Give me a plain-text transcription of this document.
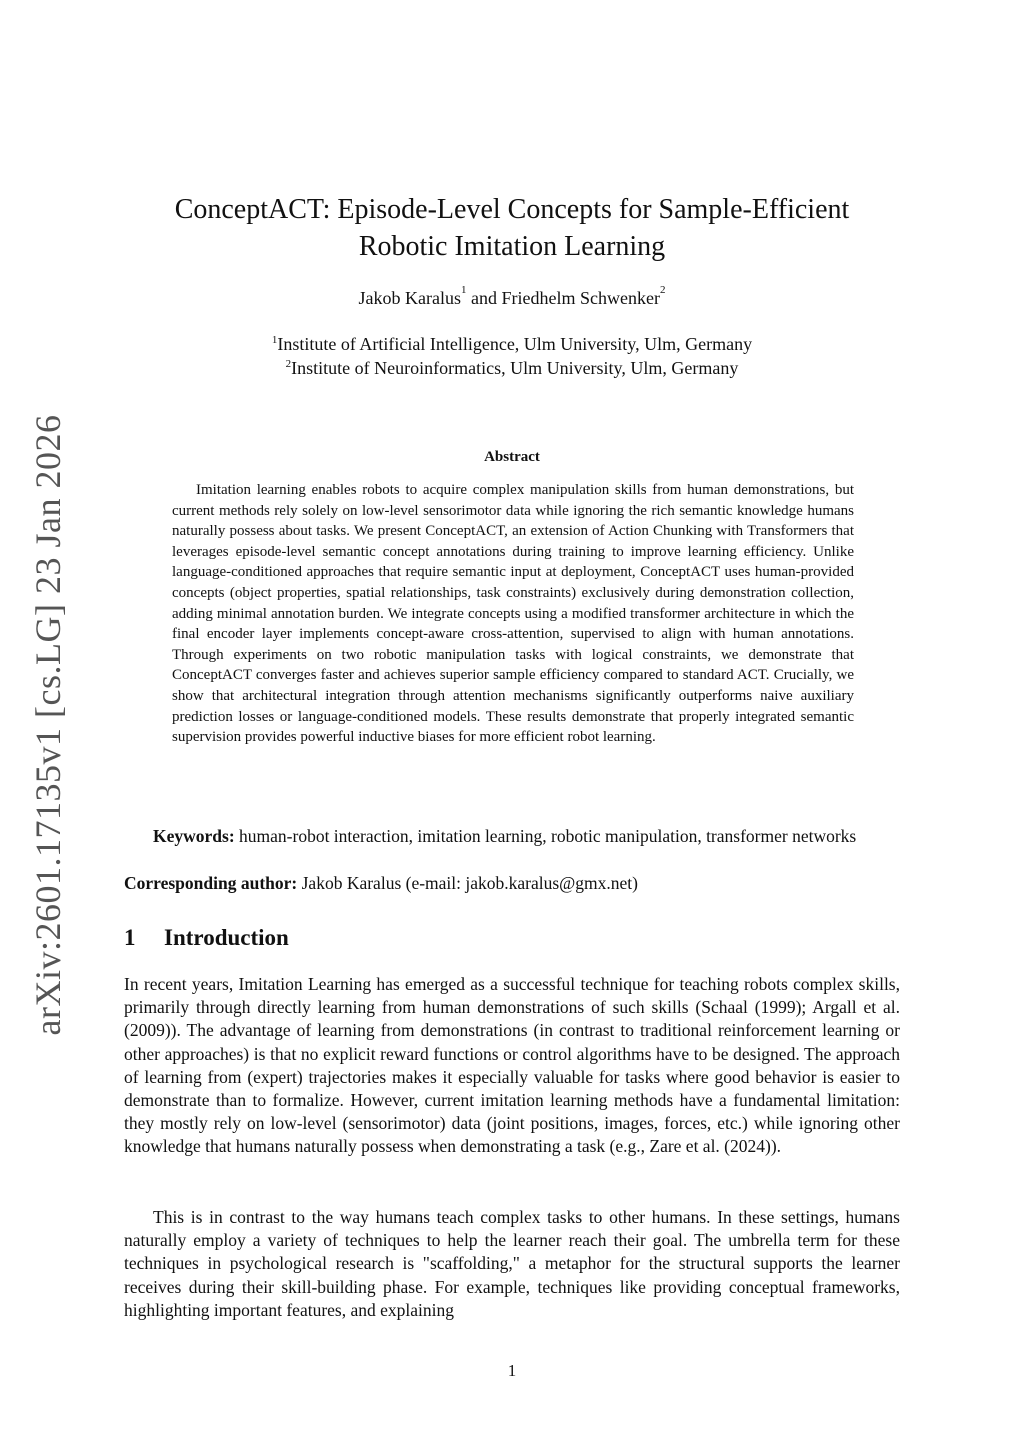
arXiv:2601.17135v1 [cs.LG] 23 Jan 2026
ConceptACT: Episode-Level Concepts for Sample-Efficient
Robotic Imitation Learning
Jakob Karalus$^1$ and Friedhelm Schwenker$^2$
$^1$Institute of Artificial Intelligence, Ulm University, Ulm, Germany
$^2$Institute of Neuroinformatics, Ulm University, Ulm, Germany
Abstract
Imitation learning enables robots to acquire complex manipulation skills from human demonstrations, but current methods rely solely on low-level sensorimotor data while ignoring the rich semantic knowledge humans naturally possess about tasks. We present ConceptACT, an extension of Action Chunking with Transformers that leverages episode-level semantic concept annotations during training to improve learning efficiency. Unlike language-conditioned approaches that require semantic input at deployment, ConceptACT uses human-provided concepts (object properties, spatial relationships, task constraints) exclusively during demonstration collection, adding minimal annotation burden. We integrate concepts using a modified transformer architecture in which the final encoder layer implements concept-aware cross-attention, supervised to align with human annotations. Through experiments on two robotic manipulation tasks with logical constraints, we demonstrate that ConceptACT converges faster and achieves superior sample efficiency compared to standard ACT. Crucially, we show that architectural integration through attention mechanisms significantly outperforms naive auxiliary prediction losses or language-conditioned models. These results demonstrate that properly integrated semantic supervision provides powerful inductive biases for more efficient robot learning.

Keywords: human-robot interaction, imitation learning, robotic manipulation, transformer networks

Corresponding author: Jakob Karalus (e-mail: jakob.karalus@gmx.net)

1 Introduction

In recent years, Imitation Learning has emerged as a successful technique for teaching robots complex skills, primarily through directly learning from human demonstrations of such skills (Schaal (1999); Argall et al. (2009)). The advantage of learning from demonstrations (in contrast to traditional reinforcement learning or other approaches) is that no explicit reward functions or control algorithms have to be designed. The approach of learning from (expert) trajectories makes it especially valuable for tasks where good behavior is easier to demonstrate than to formalize. However, current imitation learning methods have a fundamental limitation: they mostly rely on low-level (sensorimotor) data (joint positions, images, forces, etc.) while ignoring other knowledge that humans naturally possess when demonstrating a task (e.g., Zare et al. (2024)).

This is in contrast to the way humans teach complex tasks to other humans. In these settings, humans naturally employ a variety of techniques to help the learner reach their goal. The umbrella term for these techniques in psychological research is "scaffolding," a metaphor for the structural supports the learner receives during their skill-building phase. For example, techniques like providing conceptual frameworks, highlighting important features, and explaining

1
